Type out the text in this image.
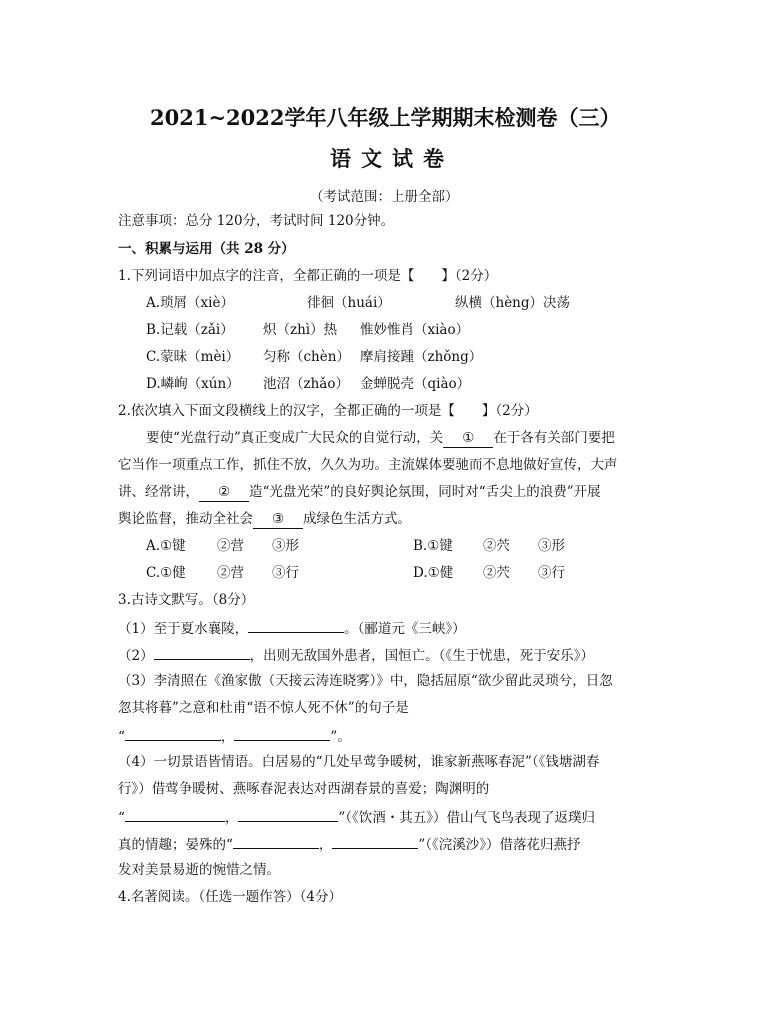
2021~2022学年八年级上学期期末检测卷（三）
语文试卷
（考试范围：上册全部）
注意事项：总分 120分，考试时间 120分钟。
一、积累与运用（共 28 分）
1.下列词语中加点字的注音，全都正确的一项是【　　】（2分）
A.琐屑（xiè）	徘徊（huái）	纵横（hèng）决荡
B.记载（zǎi） 炽（zhì）热 惟妙惟肖（xiào）
C.蒙昧（mèi） 匀称（chèn） 摩肩接踵（zhǒng）
D.嶙峋（xún） 池沼（zhǎo） 金蝉脱壳（qiào）
2.依次填入下面文段横线上的汉字，全都正确的一项是【　　】（2分）
要使“光盘行动”真正变成广大民众的自觉行动，关 ① 在于各有关部门要把
它当作一项重点工作，抓住不放，久久为功。主流媒体要驰而不息地做好宣传，大声
讲、经常讲， ② 造“光盘光荣”的良好舆论氛围，同时对“舌尖上的浪费”开展
舆论监督，推动全社会 ③ 成绿色生活方式。
A.①键 ②营 ③形	B.①键 ②茓 ③形
C.①健 ②营 ③行	D.①健 ②茓 ③行
3.古诗文默写。（8分）
（1）至于夏水襄陵，	。（郦道元《三峡》）
（2）	，出则无敌国外患者，国恒亡。（《生于忧患，死于安乐》）
（3）李清照在《渔家傲（天接云涛连晓雾）》中，隐括屈原“欲少留此灵琐兮，日忽
忽其将暮”之意和杜甫“语不惊人死不休”的句子是
“	，	”。
（4）一切景语皆情语。白居易的“几处早莺争暖树，谁家新燕啄春泥”（《钱塘湖春
行》）借莺争暖树、燕啄春泥表达对西湖春景的喜爱；陶渊明的
“	，	”（《饮酒・其五》）借山气飞鸟表现了返璞归
真的情趣；晏殊的“	，	”（《浣溪沙》）借落花归燕抒
发对美景易逝的惋惜之情。
4.名著阅读。（任选一题作答）（4分）
